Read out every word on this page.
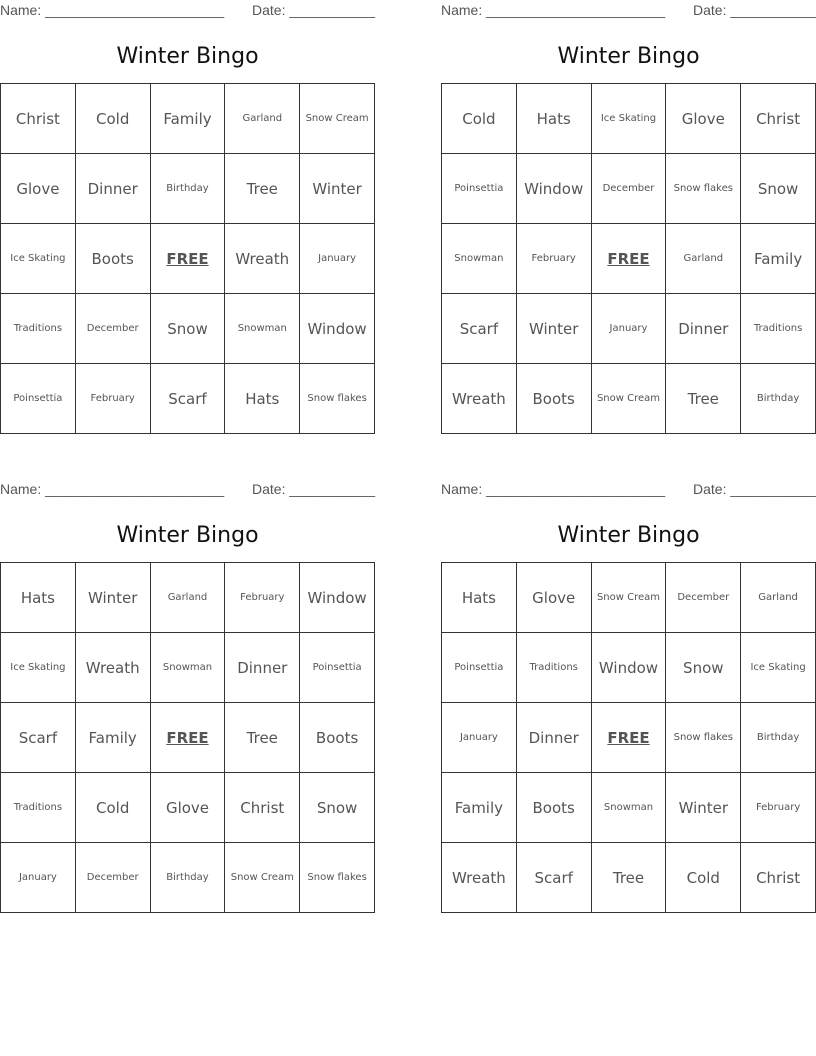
Name: _______________________ Date: ___________
Winter Bingo
Christ	Cold	Family	Garland	Snow Cream
Glove	Dinner	Birthday	Tree	Winter
Ice Skating	Boots	FREE	Wreath	January
Traditions	December	Snow	Snowman	Window
Poinsettia	February	Scarf	Hats	Snow flakes
Name: _______________________ Date: ___________
Winter Bingo
Cold	Hats	Ice Skating	Glove	Christ
Poinsettia	Window	December	Snow flakes	Snow
Snowman	February	FREE	Garland	Family
Scarf	Winter	January	Dinner	Traditions
Wreath	Boots	Snow Cream	Tree	Birthday
Name: _______________________ Date: ___________
Winter Bingo
Hats	Winter	Garland	February	Window
Ice Skating	Wreath	Snowman	Dinner	Poinsettia
Scarf	Family	FREE	Tree	Boots
Traditions	Cold	Glove	Christ	Snow
January	December	Birthday	Snow Cream	Snow flakes
Name: _______________________ Date: ___________
Winter Bingo
Hats	Glove	Snow Cream	December	Garland
Poinsettia	Traditions	Window	Snow	Ice Skating
January	Dinner	FREE	Snow flakes	Birthday
Family	Boots	Snowman	Winter	February
Wreath	Scarf	Tree	Cold	Christ
